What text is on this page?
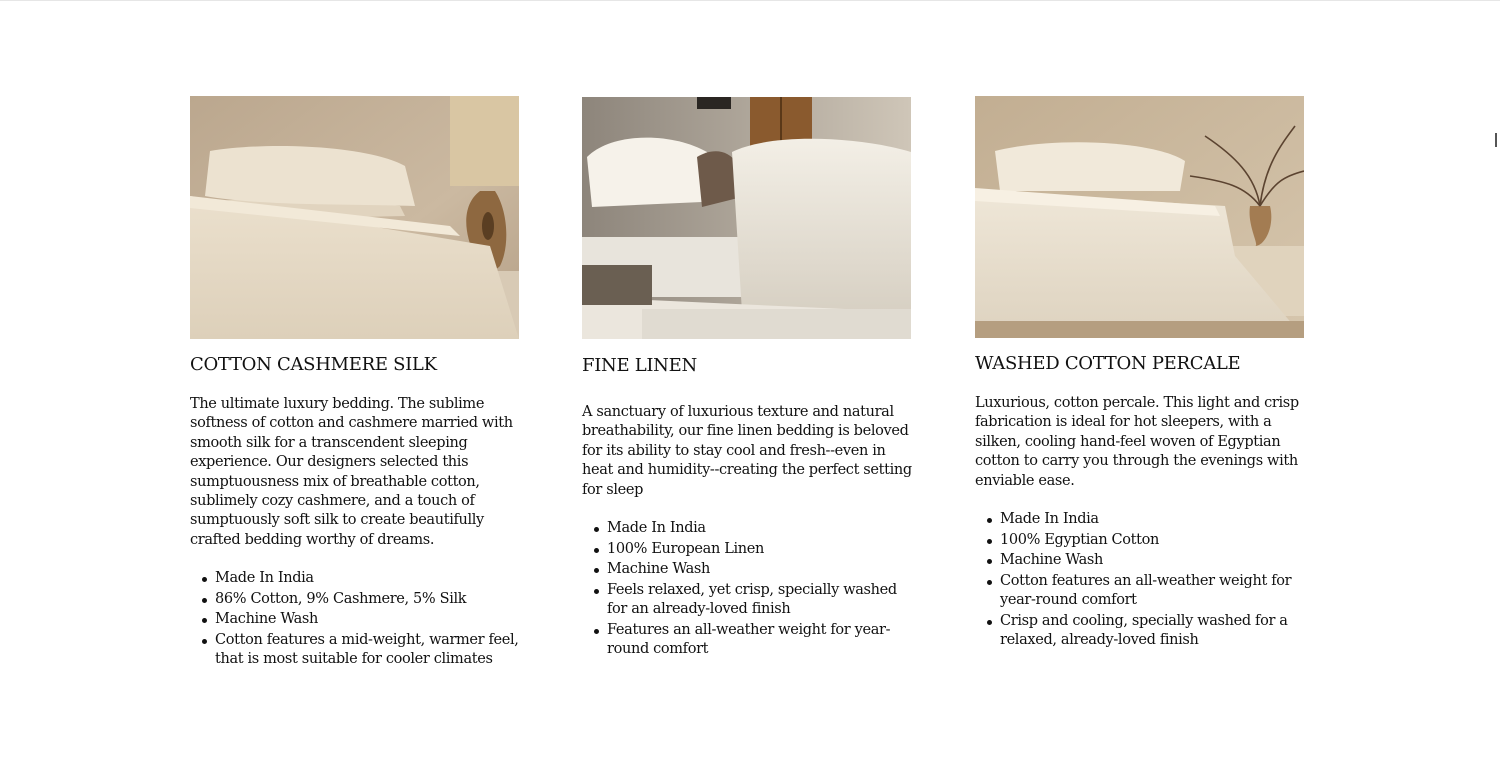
COTTON CASHMERE SILK

The ultimate luxury bedding. The sublime softness of cotton and cashmere married with smooth silk for a transcendent sleeping experience. Our designers selected this sumptuousness mix of breathable cotton, sublimely cozy cashmere, and a touch of sumptuously soft silk to create beautifully crafted bedding worthy of dreams.

Made In India
86% Cotton, 9% Cashmere, 5% Silk
Machine Wash
Cotton features a mid-weight, warmer feel, that is most suitable for cooler climates
FINE LINEN

A sanctuary of luxurious texture and natural breathability, our fine linen bedding is beloved for its ability to stay cool and fresh--even in heat and humidity--creating the perfect setting for sleep

Made In India
100% European Linen
Machine Wash
Feels relaxed, yet crisp, specially washed for an already-loved finish
Features an all-weather weight for year-round comfort
WASHED COTTON PERCALE

Luxurious, cotton percale. This light and crisp fabrication is ideal for hot sleepers, with a silken, cooling hand-feel woven of Egyptian cotton to carry you through the evenings with enviable ease.

Made In India
100% Egyptian Cotton
Machine Wash
Cotton features an all-weather weight for year-round comfort
Crisp and cooling, specially washed for a relaxed, already-loved finish
